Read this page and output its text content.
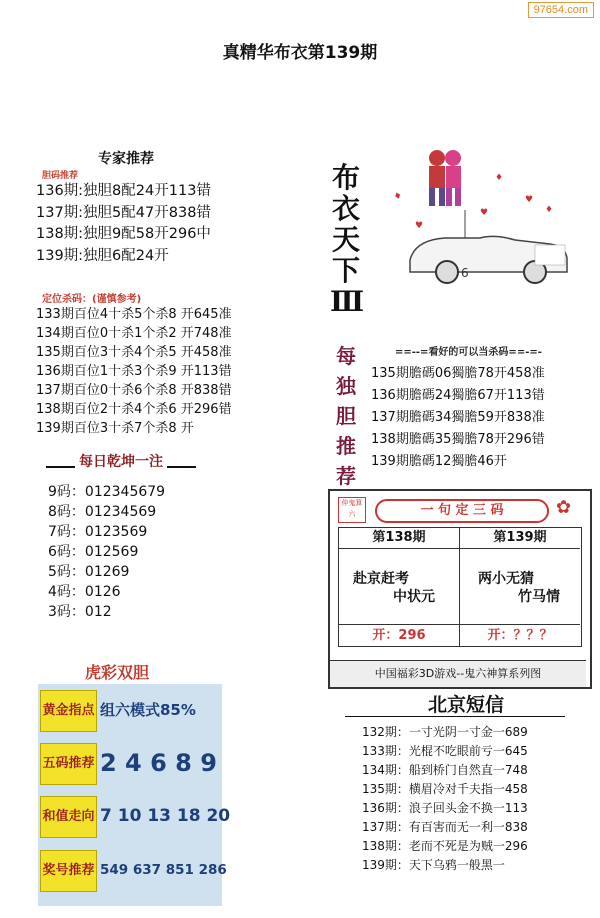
97654.com
真精华布衣第139期
专家推荐
胆码推荐
136期:独胆8配24开113错
137期:独胆5配47开838错
138期:独胆9配58开296中
139期:独胆6配24开
定位杀码：(谨慎参考)
133期百位4十杀5个杀8 开645准
134期百位0十杀1个杀2 开748准
135期百位3十杀4个杀5 开458准
136期百位1十杀3个杀9 开113错
137期百位0十杀6个杀8 开838错
138期百位2十杀4个杀6 开296错
139期百位3十杀7个杀8 开
每日乾坤一注
9码：012345679
8码：01234569
7码：0123569
6码：012569
5码：01269
4码：0126
3码：012
布
衣
天
下
Ⅲ
♦
♥
♦
♥
♦
♥
6
每
独
胆
推
荐
==--=看好的可以当杀码==-=-
135期膽碼06獨膽78开458准
136期膽碼24獨膽67开113错
137期膽碼34獨膽59开838准
138期膽碼35獨膽78开296错
139期膽碼12獨膽46开
仲鬼算六	一 句 定 三 码	✿
第138期
赴京赶考
中状元
开：296
第139期
两小无猜
竹马情
开：？？？
中国福彩3D游戏--鬼六神算系列图
虎彩双胆
黄金指点 组六模式85%
五码推荐 2 4 6 8 9
和值走向 7 10 13 18 20
奖号推荐 549 637 851 286
北京短信
132期：一寸光阴一寸金一689
133期：光棍不吃眼前亏一645
134期：船到桥门自然直一748
135期：横眉冷对千夫指一458
136期：浪子回头金不换一113
137期：有百害而无一利一838
138期：老而不死是为贼一296
139期：天下乌鸦一般黑一
